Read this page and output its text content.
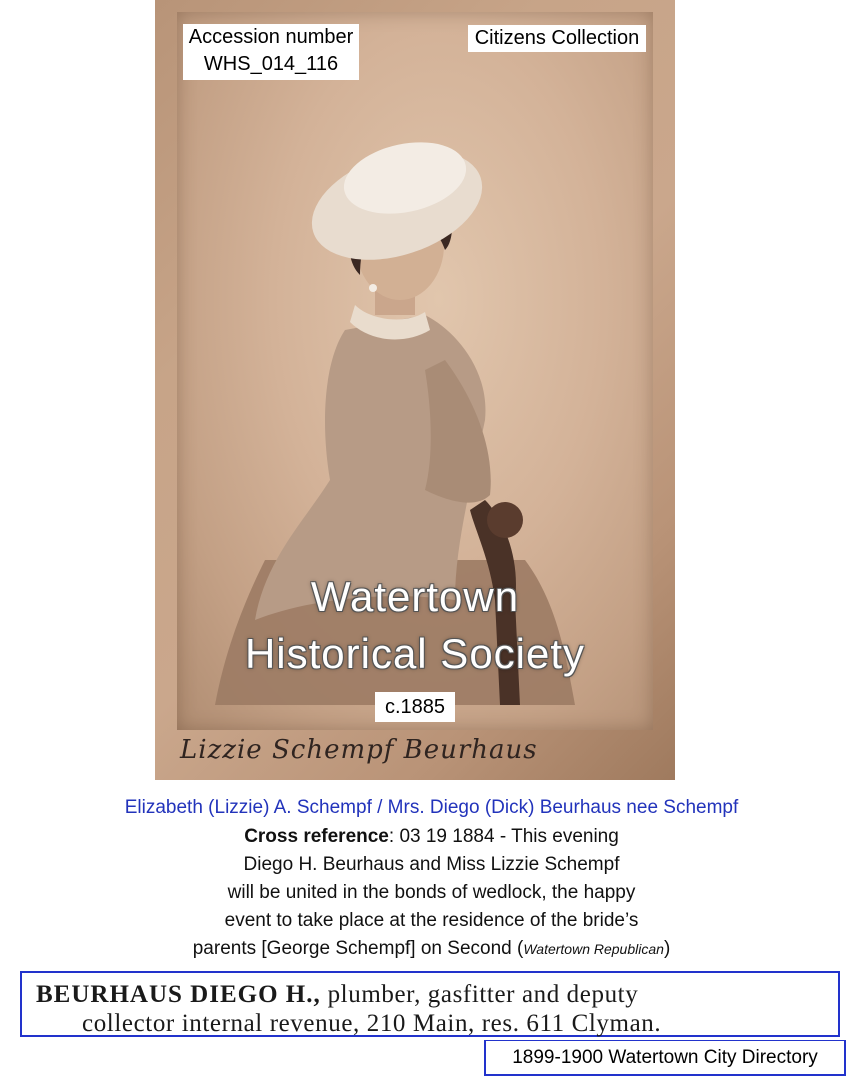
Accession number
WHS_014_116
Citizens Collection
Watertown
Historical Society
c.1885
Lizzie Schempf Beurhaus
Elizabeth (Lizzie) A. Schempf / Mrs. Diego (Dick) Beurhaus nee Schempf
Cross reference: 03 19 1884 - This evening
Diego H. Beurhaus and Miss Lizzie Schempf
will be united in the bonds of wedlock, the happy
event to take place at the residence of the bride’s
parents [George Schempf] on Second (Watertown Republican)
BEURHAUS DIEGO H., plumber, gasfitter and deputy
collector internal revenue, 210 Main, res. 611 Clyman.
1899-1900 Watertown City Directory
